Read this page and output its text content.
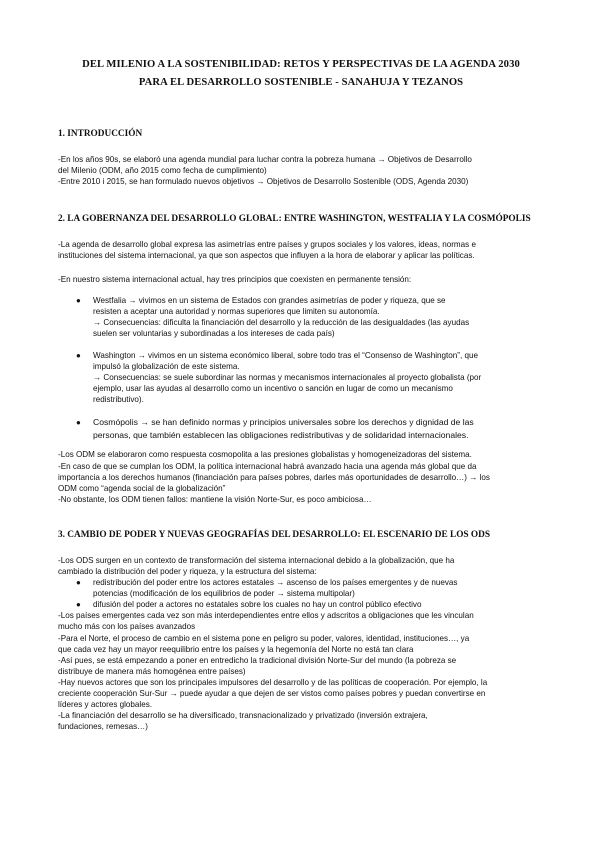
DEL MILENIO A LA SOSTENIBILIDAD: RETOS Y PERSPECTIVAS DE LA AGENDA 2030
PARA EL DESARROLLO SOSTENIBLE - SANAHUJA Y TEZANOS
1. INTRODUCCIÓN

-En los años 90s, se elaboró una agenda mundial para luchar contra la pobreza humana → Objetivos de Desarrollo

del Milenio (ODM, año 2015 como fecha de cumplimiento)

-Entre 2010 i 2015, se han formulado nuevos objetivos → Objetivos de Desarrollo Sostenible (ODS, Agenda 2030)

2. LA GOBERNANZA DEL DESARROLLO GLOBAL: ENTRE WASHINGTON, WESTFALIA Y LA COSMÓPOLIS

-La agenda de desarrollo global expresa las asimetrías entre países y grupos sociales y los valores, ideas, normas e

instituciones del sistema internacional, ya que son aspectos que influyen a la hora de elaborar y aplicar las políticas.

-En nuestro sistema internacional actual, hay tres principios que coexisten en permanente tensión:

● Westfalia → vivimos en un sistema de Estados con grandes asimetrías de poder y riqueza, que se
resisten a aceptar una autoridad y normas superiores que limiten su autonomía.
→ Consecuencias: dificulta la financiación del desarrollo y la reducción de las desigualdades (las ayudas
suelen ser voluntarias y subordinadas a los intereses de cada país)
● Washington → vivimos en un sistema económico liberal, sobre todo tras el “Consenso de Washington”, que
impulsó la globalización de este sistema.
→ Consecuencias: se suele subordinar las normas y mecanismos internacionales al proyecto globalista (por
ejemplo, usar las ayudas al desarrollo como un incentivo o sanción en lugar de como un mecanismo
redistributivo).
● Cosmópolis → se han definido normas y principios universales sobre los derechos y dignidad de las
personas, que también establecen las obligaciones redistributivas y de solidaridad internacionales.

-Los ODM se elaboraron como respuesta cosmopolita a las presiones globalistas y homogeneizadoras del sistema.

-En caso de que se cumplan los ODM, la política internacional habrá avanzado hacia una agenda más global que da

importancia a los derechos humanos (financiación para países pobres, darles más oportunidades de desarrollo…) → los

ODM como “agenda social de la globalización”

-No obstante, los ODM tienen fallos: mantiene la visión Norte-Sur, es poco ambiciosa…

3. CAMBIO DE PODER Y NUEVAS GEOGRAFÍAS DEL DESARROLLO: EL ESCENARIO DE LOS ODS

-Los ODS surgen en un contexto de transformación del sistema internacional debido a la globalización, que ha

cambiado la distribución del poder y riqueza, y la estructura del sistema:

● redistribución del poder entre los actores estatales → ascenso de los países emergentes y de nuevas
potencias (modificación de los equilibrios de poder → sistema multipolar)
● difusión del poder a actores no estatales sobre los cuales no hay un control público efectivo

-Los países emergentes cada vez son más interdependientes entre ellos y adscritos a obligaciones que les vinculan

mucho más con los países avanzados

-Para el Norte, el proceso de cambio en el sistema pone en peligro su poder, valores, identidad, instituciones…, ya

que cada vez hay un mayor reequilibrio entre los países y la hegemonía del Norte no está tan clara

-Así pues, se está empezando a poner en entredicho la tradicional división Norte-Sur del mundo (la pobreza se

distribuye de manera más homogénea entre países)

-Hay nuevos actores que son los principales impulsores del desarrollo y de las políticas de cooperación. Por ejemplo, la

creciente cooperación Sur-Sur → puede ayudar a que dejen de ser vistos como países pobres y puedan convertirse en

líderes y actores globales.

-La financiación del desarrollo se ha diversificado, transnacionalizado y privatizado (inversión extrajera,

fundaciones, remesas…)
